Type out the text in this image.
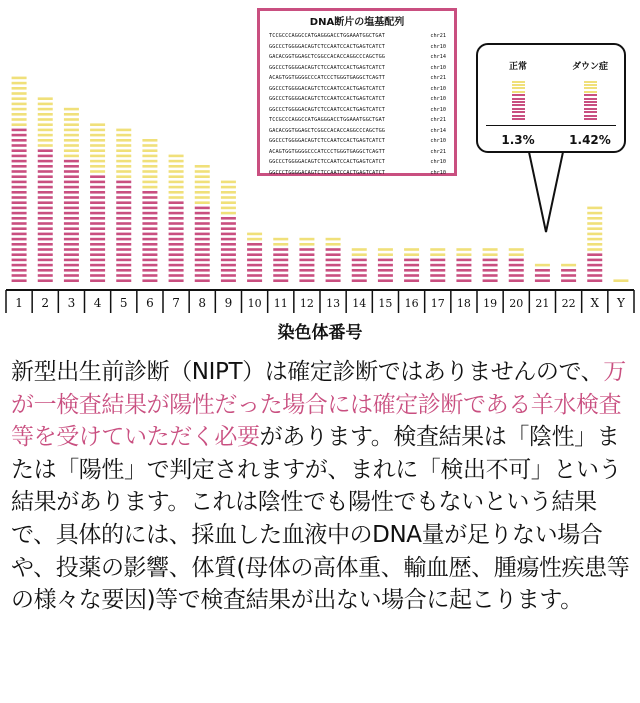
1 2 3 4 5 6 7 8 9 10 11 12 13 14 15 16 17 18 19 20 21 22 X Y
DNA断片の塩基配列
TCCGCCCAGGCCATGAGGGACCTGGAAATGGCTGAT	chr21
GGCCCTGGGGACAGTCTCCAATCCACTGAGTCATCT	chr10
GACACGGTGGAGCTCGGCCACACCAGGCCCAGCTGG	chr14
GGCCCTGGGGACAGTCTCCAATCCACTGAGTCATCT	chr10
ACAGTGGTGGGGCCCATCCCTGGGTGAGGCTCAGTT	chr21
GGCCCTGGGGACAGTCTCCAATCCACTGAGTCATCT	chr10
GGCCCTGGGGACAGTCTCCAATCCACTGAGTCATCT	chr10
GGCCCTGGGGACAGTCTCCAATCCACTGAGTCATCT	chr10
TCCGCCCAGGCCATGAGGGACCTGGAAATGGCTGAT	chr21
GACACGGTGGAGCTCGGCCACACCAGGCCCAGCTGG	chr14
GGCCCTGGGGACAGTCTCCAATCCACTGAGTCATCT	chr10
ACAGTGGTGGGGCCCATCCCTGGGTGAGGCTCAGTT	chr21
GGCCCTGGGGACAGTCTCCAATCCACTGAGTCATCT	chr10
GGCCCTGGGGACAGTCTCCAATCCACTGAGTCATCT	chr10
正常	ダウン症
1.3%	1.42%
染色体番号

新型出生前診断（NIPT）は確定診断ではありませんので、万が一検査結果が陽性だった場合には確定診断である羊水検査等を受けていただく必要があります。検査結果は「陰性」または「陽性」で判定されますが、まれに「検出不可」という結果があります。これは陰性でも陽性でもないという結果で、具体的には、採血した血液中のDNA量が足りない場合や、投薬の影響、体質(母体の高体重、輸血歴、腫瘍性疾患等の様々な要因)等で検査結果が出ない場合に起こります。
